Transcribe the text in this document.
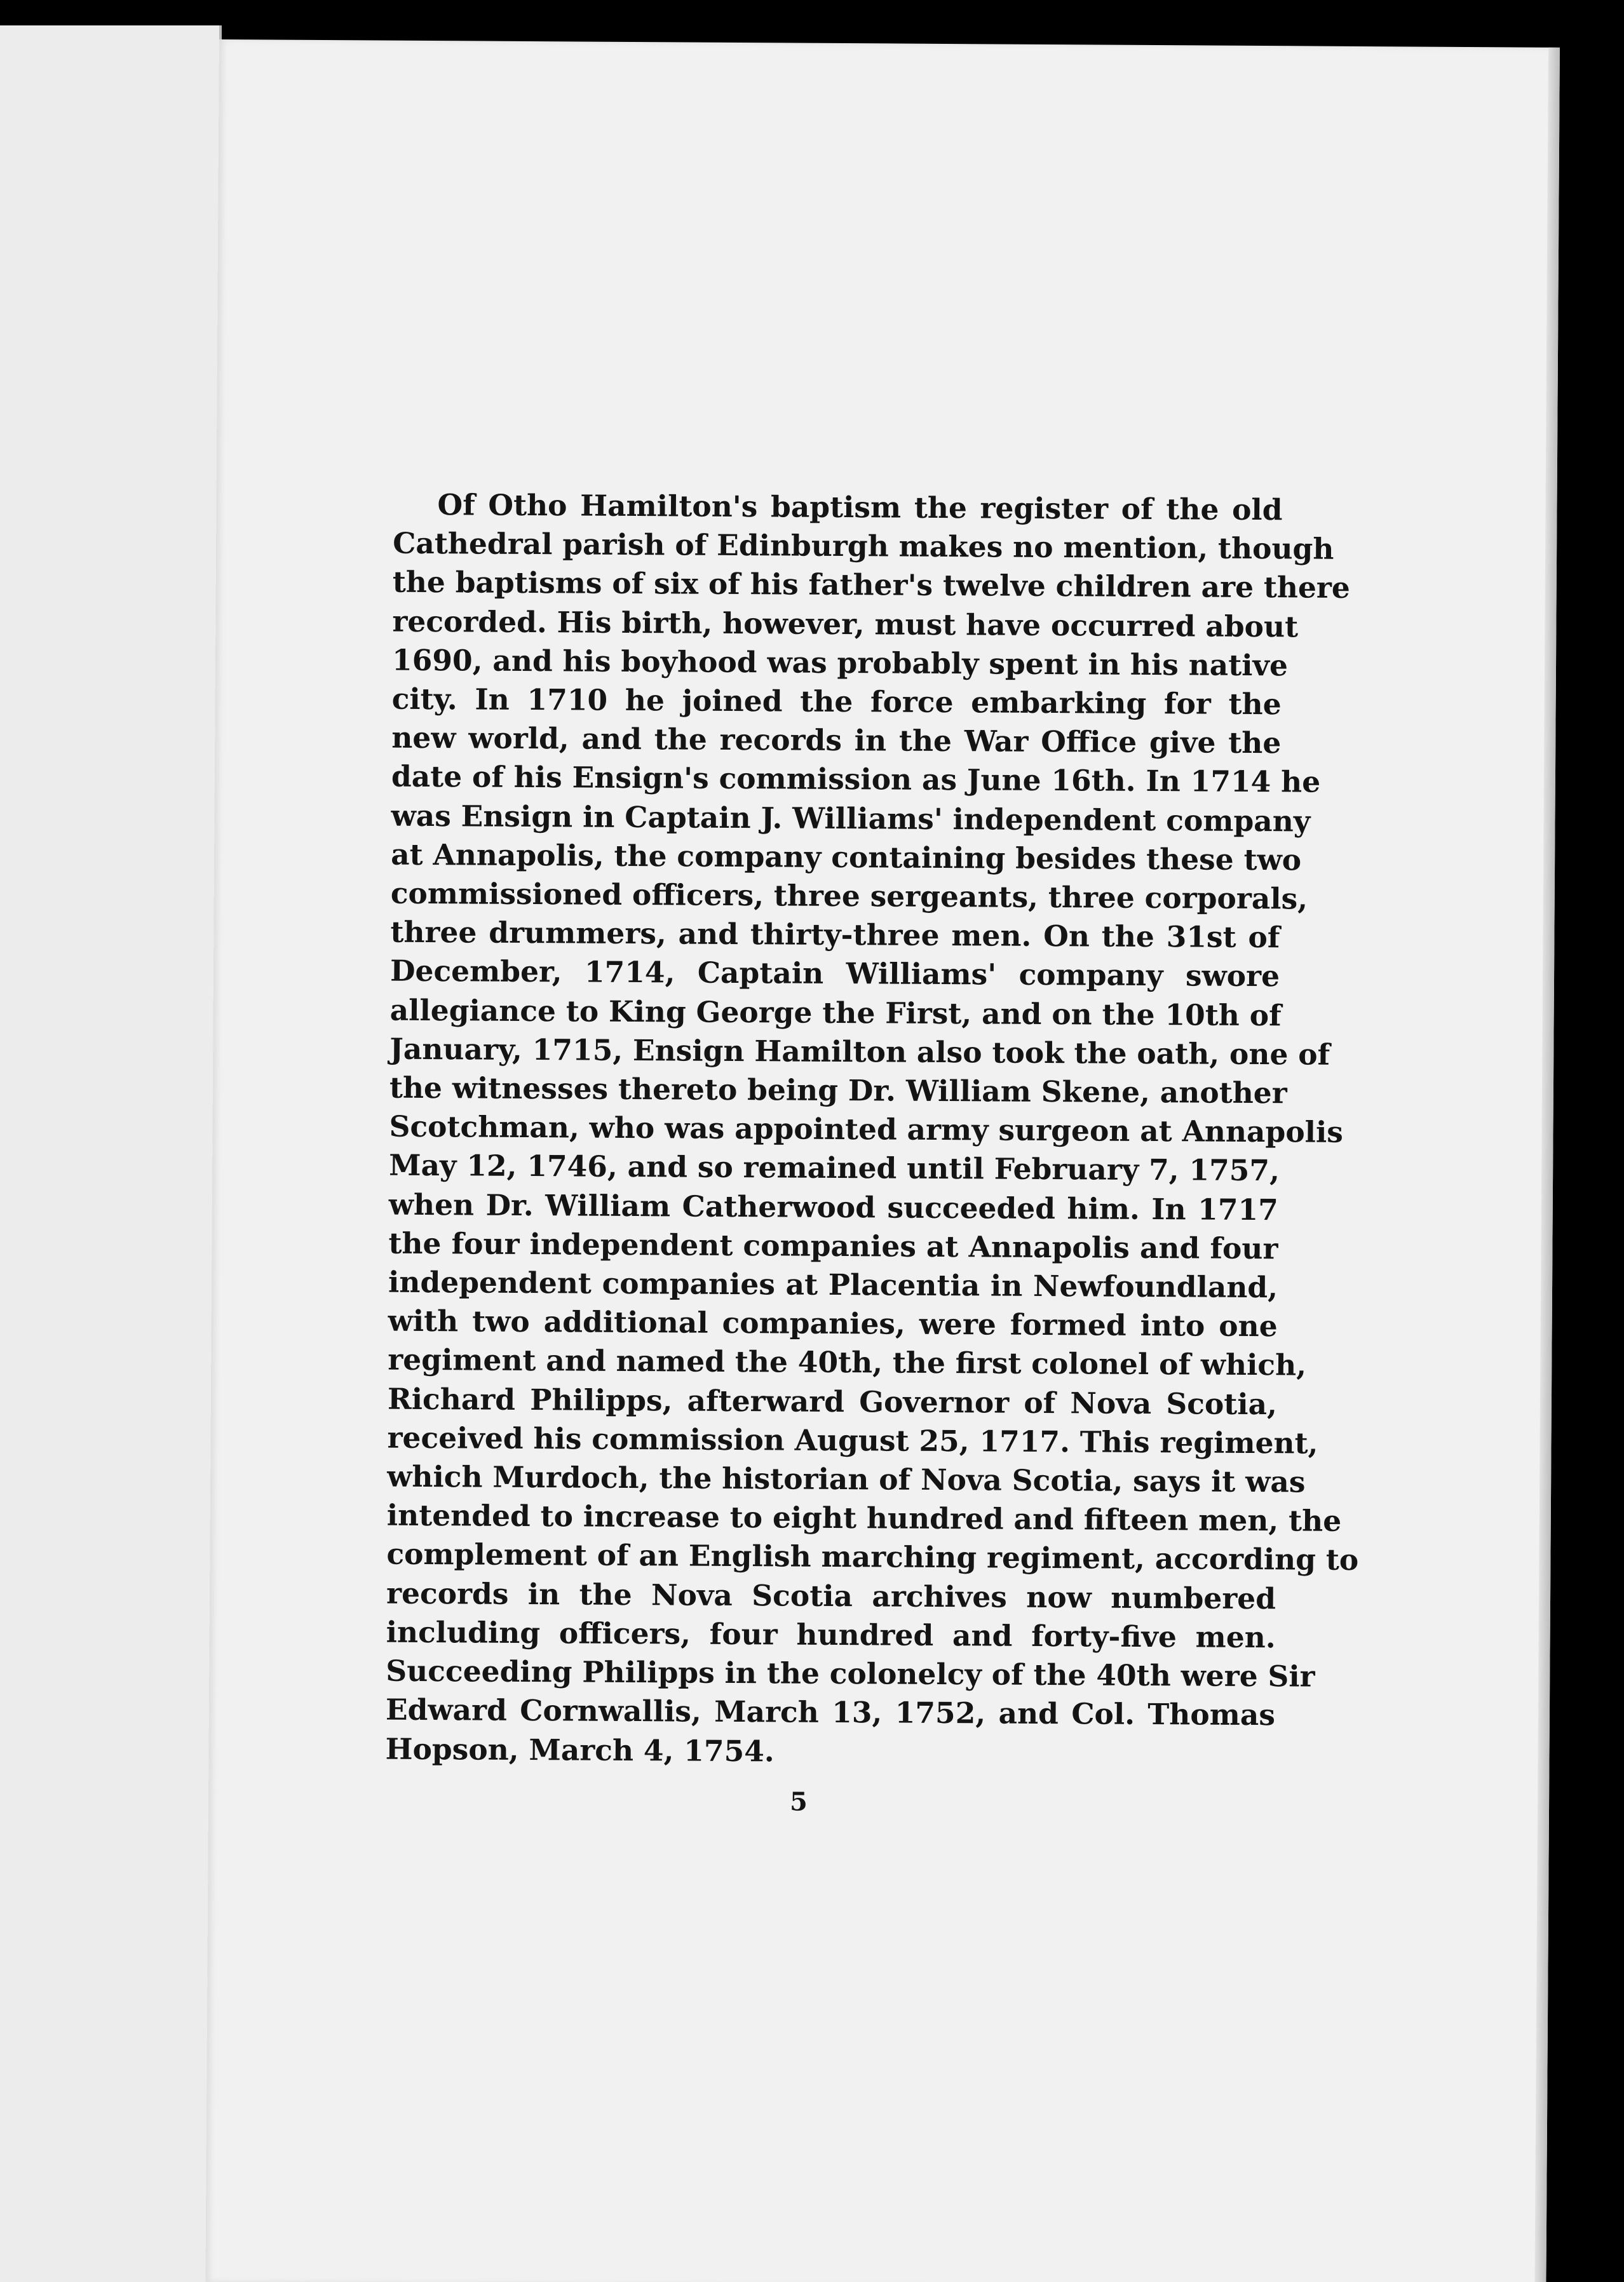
Of Otho Hamilton's baptism the register of the old
Cathedral parish of Edinburgh makes no mention, though
the baptisms of six of his father's twelve children are there
recorded. His birth, however, must have occurred about
1690, and his boyhood was probably spent in his native
city. In 1710 he joined the force embarking for the
new world, and the records in the War Office give the
date of his Ensign's commission as June 16th. In 1714 he
was Ensign in Captain J. Williams' independent company
at Annapolis, the company containing besides these two
commissioned officers, three sergeants, three corporals,
three drummers, and thirty-three men. On the 31st of
December, 1714, Captain Williams' company swore
allegiance to King George the First, and on the 10th of
January, 1715, Ensign Hamilton also took the oath, one of
the witnesses thereto being Dr. William Skene, another
Scotchman, who was appointed army surgeon at Annapolis
May 12, 1746, and so remained until February 7, 1757,
when Dr. William Catherwood succeeded him. In 1717
the four independent companies at Annapolis and four
independent companies at Placentia in Newfoundland,
with two additional companies, were formed into one
regiment and named the 40th, the first colonel of which,
Richard Philipps, afterward Governor of Nova Scotia,
received his commission August 25, 1717. This regiment,
which Murdoch, the historian of Nova Scotia, says it was
intended to increase to eight hundred and fifteen men, the
complement of an English marching regiment, according to
records in the Nova Scotia archives now numbered
including officers, four hundred and forty-five men.
Succeeding Philipps in the colonelcy of the 40th were Sir
Edward Cornwallis, March 13, 1752, and Col. Thomas
Hopson, March 4, 1754.
5
